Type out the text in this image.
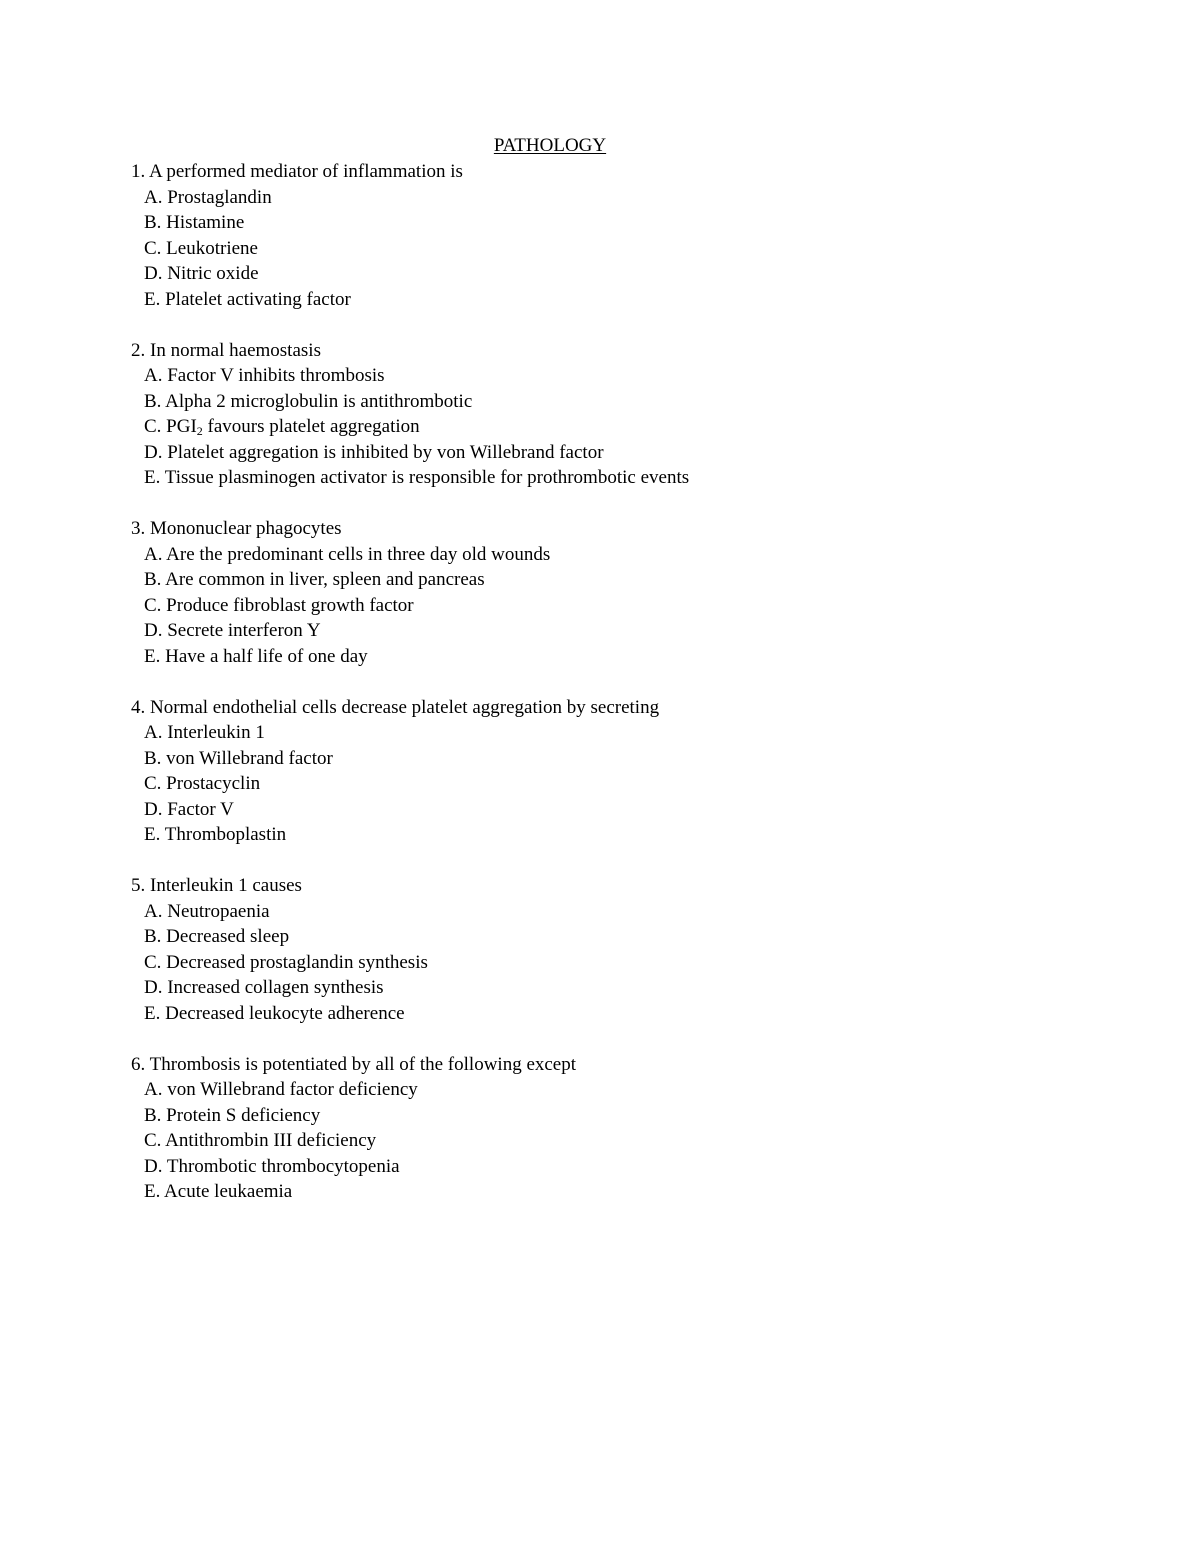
PATHOLOGY
1. A performed mediator of inflammation is
A. Prostaglandin
B. Histamine
C. Leukotriene
D. Nitric oxide
E. Platelet activating factor
2. In normal haemostasis
A. Factor V inhibits thrombosis
B. Alpha 2 microglobulin is antithrombotic
C. $PGI_2$ favours platelet aggregation
D. Platelet aggregation is inhibited by von Willebrand factor
E. Tissue plasminogen activator is responsible for prothrombotic events
3. Mononuclear phagocytes
A. Are the predominant cells in three day old wounds
B. Are common in liver, spleen and pancreas
C. Produce fibroblast growth factor
D. Secrete interferon Y
E. Have a half life of one day
4. Normal endothelial cells decrease platelet aggregation by secreting
A. Interleukin 1
B. von Willebrand factor
C. Prostacyclin
D. Factor V
E. Thromboplastin
5. Interleukin 1 causes
A. Neutropaenia
B. Decreased sleep
C. Decreased prostaglandin synthesis
D. Increased collagen synthesis
E. Decreased leukocyte adherence
6. Thrombosis is potentiated by all of the following except
A. von Willebrand factor deficiency
B. Protein S deficiency
C. Antithrombin III deficiency
D. Thrombotic thrombocytopenia
E. Acute leukaemia
